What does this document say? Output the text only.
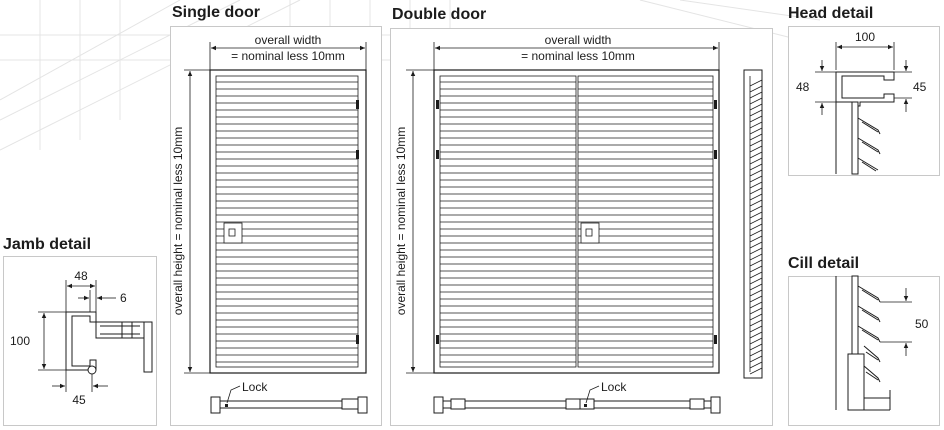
Single door	Double door	Head detail
Cill detail
Jamb detail
overall width
= nominal less 10mm
overall height = nominal less 10mm
Lock
overall width
= nominal less 10mm
overall height = nominal less 10mm
Lock
100
48	45
50
48
6
100
45
